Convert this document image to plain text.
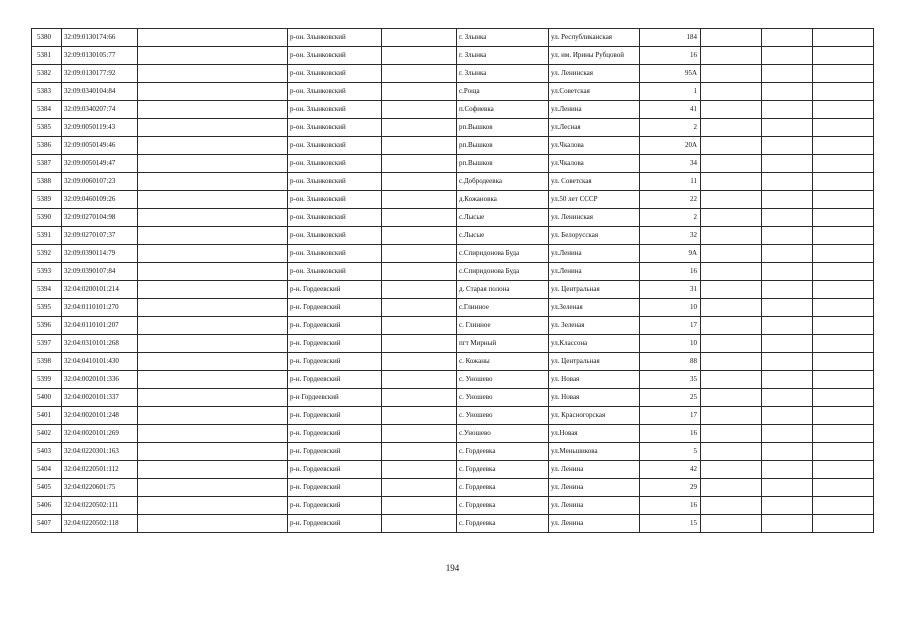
5380	32:09:0130174:66		р-он. Злынковский		г. Злынка	ул. Республиканская	184			
5381	32:09:0130105:77		р-он. Злынковский		г. Злынка	ул. им. Ирины Рубцовой	16			
5382	32:09:0130177:92		р-он. Злынковский		г. Злынка	ул. Ленинская	95А			
5383	32:09:0340104:84		р-он. Злынковский		с.Роща	ул.Советская	1			
5384	32:09:0340207:74		р-он. Злынковский		п.Софиевка	ул.Ленина	41			
5385	32:09:0050119:43		р-он. Злынковский		рп.Вышков	ул.Лесная	2			
5386	32:09:0050149:46		р-он. Злынковский		рп.Вышков	ул.Чкалова	20А			
5387	32:09:0050149:47		р-он. Злынковский		рп.Вышков	ул.Чкалова	34			
5388	32:09:0060107:23		р-он. Злынковский		с.Добродеевка	ул. Советская	11			
5389	32:09:0460109:26		р-он. Злынковский		д.Кожановка	ул.50 лет СССР	22			
5390	32:09:0270104:98		р-он. Злынковский		с.Лысые	ул. Ленинская	2			
5391	32:09:0270107:37		р-он. Злынковский		с.Лысые	ул. Белорусская	32			
5392	32:09:0390114:79		р-он. Злынковский		с.Спиридонова Буда	ул.Ленина	9А			
5393	32:09:0390107:84		р-он. Злынковский		с.Спиридонова Буда	ул.Ленина	16			
5394	32:04:0200101:214		р-н. Гордеевский		д. Старая полона	ул. Центральная	31			
5395	32:04:0110101:270		р-н. Гордеевский		с.Глинное	ул.Зеленая	10			
5396	32:04:0110101:207		р-н. Гордеевский		с. Глинное	ул. Зеленая	17			
5397	32:04:0310101:268		р-н. Гордеевский		пгт Мирный	ул.Классона	10			
5398	32:04:0410101:430		р-н. Гордеевский		с. Кожаны	ул. Центральная	88			
5399	32:04:0020101:336		р-н. Гордеевский		с. Уношево	ул. Новая	35			
5400	32:04:0020101:337		р-н Гордеевский		с. Уношево	ул. Новая	25			
5401	32:04:0020101:248		р-н. Гордеевский		с. Уношево	ул. Красногорская	17			
5402	32:04:0020101:269		р-н. Гордеевский		с.Уношево	ул.Новая	16			
5403	32:04:0220301:163		р-н. Гордеевский		с. Гордеевка	ул.Меньшикова	5			
5404	32:04:0220501:112		р-н. Гордеевский		с. Гордеевка	ул. Ленина	42			
5405	32:04:0220601:75		р-н. Гордеевский		с. Гордеевка	ул. Ленина	29			
5406	32:04:0220502:111		р-н. Гордеевский		с. Гордеевка	ул. Ленина	16			
5407	32:04:0220502:118		р-н. Гордеевский		с. Гордеевка	ул. Ленина	15			
194
